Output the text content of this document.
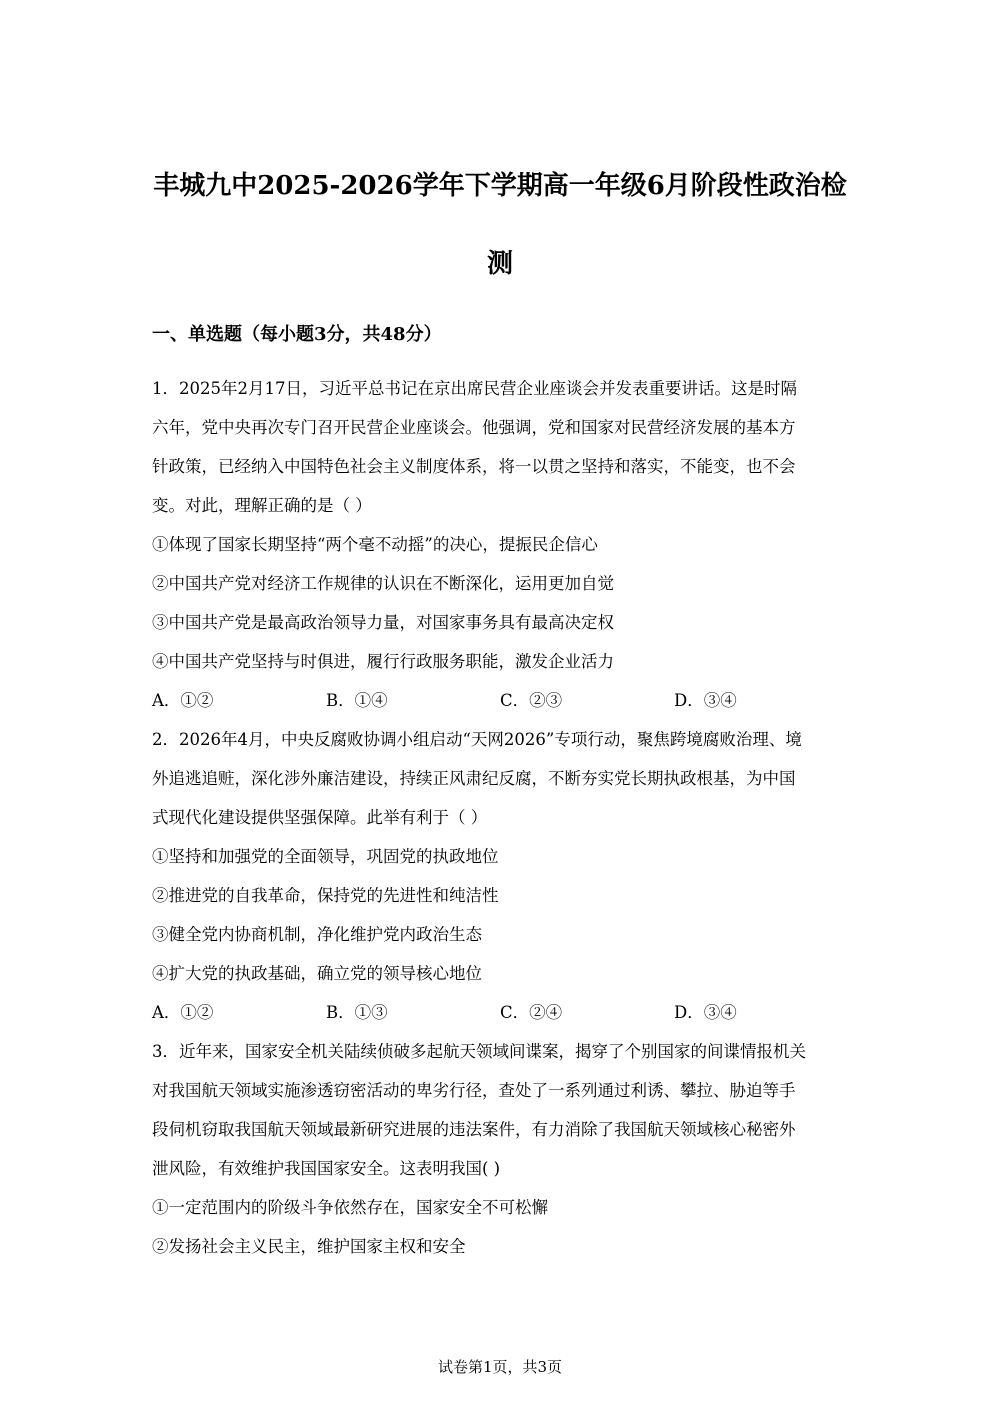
丰城九中2025-2026学年下学期高一年级6月阶段性政治检
测
一、单选题（每小题3分，共48分）
1．2025年2月17日，习近平总书记在京出席民营企业座谈会并发表重要讲话。这是时隔
六年，党中央再次专门召开民营企业座谈会。他强调，党和国家对民营经济发展的基本方
针政策，已经纳入中国特色社会主义制度体系，将一以贯之坚持和落实，不能变，也不会
变。对此，理解正确的是（ ）
①体现了国家长期坚持“两个毫不动摇”的决心，提振民企信心
②中国共产党对经济工作规律的认识在不断深化，运用更加自觉
③中国共产党是最高政治领导力量，对国家事务具有最高决定权
④中国共产党坚持与时俱进，履行行政服务职能，激发企业活力
A．①②	B．①④	C．②③	D．③④
2．2026年4月，中央反腐败协调小组启动“天网2026”专项行动，聚焦跨境腐败治理、境
外追逃追赃，深化涉外廉洁建设，持续正风肃纪反腐，不断夯实党长期执政根基，为中国
式现代化建设提供坚强保障。此举有利于（ ）
①坚持和加强党的全面领导，巩固党的执政地位
②推进党的自我革命，保持党的先进性和纯洁性
③健全党内协商机制，净化维护党内政治生态
④扩大党的执政基础，确立党的领导核心地位
A．①②	B．①③	C．②④	D．③④
3．近年来，国家安全机关陆续侦破多起航天领域间谍案，揭穿了个别国家的间谍情报机关
对我国航天领域实施渗透窃密活动的卑劣行径，查处了一系列通过利诱、攀拉、胁迫等手
段伺机窃取我国航天领域最新研究进展的违法案件，有力消除了我国航天领域核心秘密外
泄风险，有效维护我国国家安全。这表明我国( )
①一定范围内的阶级斗争依然存在，国家安全不可松懈
②发扬社会主义民主，维护国家主权和安全
试卷第1页，共3页
